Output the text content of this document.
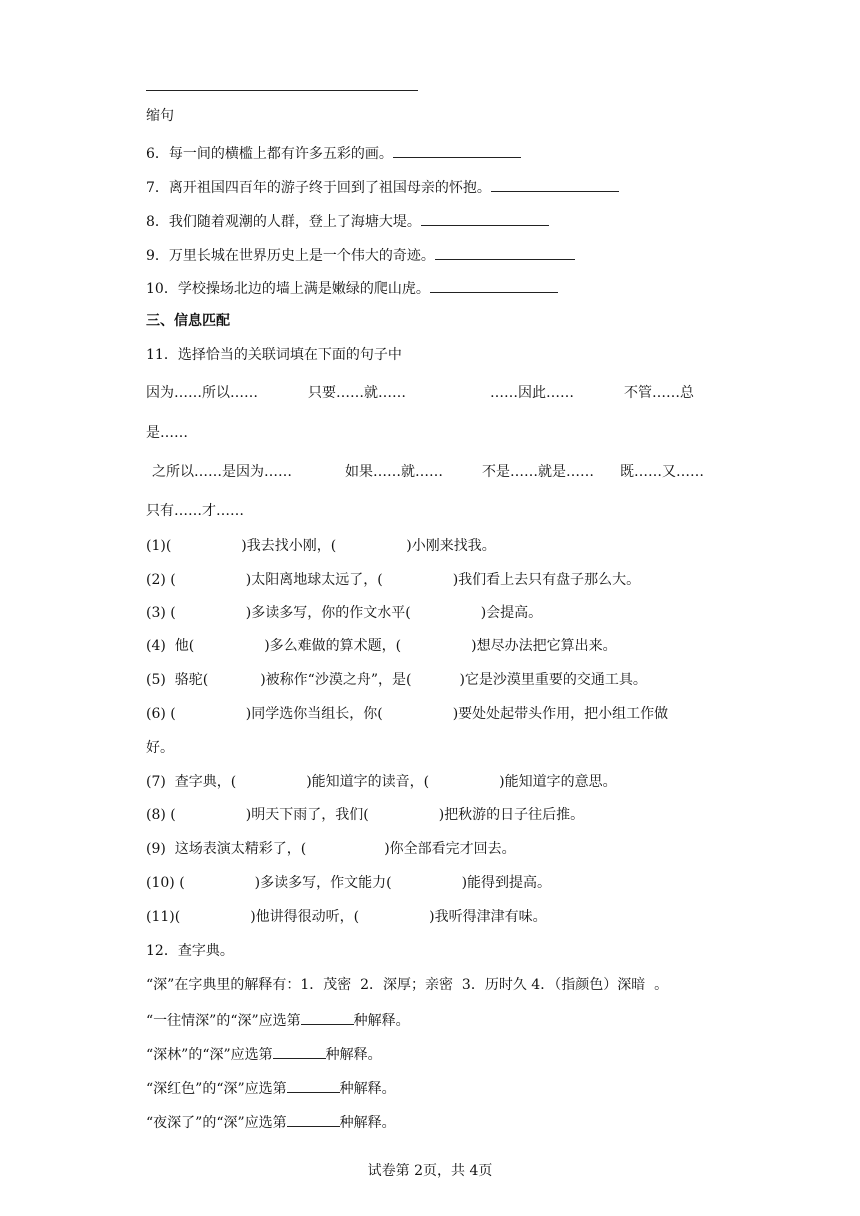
缩句
6．每一间的横槛上都有许多五彩的画。
7．离开祖国四百年的游子终于回到了祖国母亲的怀抱。
8．我们随着观潮的人群，登上了海塘大堤。
9．万里长城在世界历史上是一个伟大的奇迹。
10．学校操场北边的墙上满是嫩绿的爬山虎。
三、信息匹配
11．选择恰当的关联词填在下面的句子中
因为……所以……	只要……就……	……因此……	不管……总
是……
之所以……是因为……	如果……就……	不是……就是…… 既……又……
只有……才……
(1)(	)我去找小刚，(	)小刚来找我。
(2) (	)太阳离地球太远了，(	)我们看上去只有盘子那么大。
(3) (	)多读多写，你的作文水平(	)会提高。
(4)  他(	)多么难做的算术题，(	)想尽办法把它算出来。
(5)  骆驼(	)被称作“沙漠之舟”，是(	)它是沙漠里重要的交通工具。
(6) (	)同学选你当组长，你(	)要处处起带头作用，把小组工作做
好。
(7)  查字典，(	)能知道字的读音，(	)能知道字的意思。
(8) (	)明天下雨了，我们(	)把秋游的日子往后推。
(9)  这场表演太精彩了，(	)你全部看完才回去。
(10) (	)多读多写，作文能力(	)能得到提高。
(11)(	)他讲得很动听，(	)我听得津津有味。
12．查字典。
“深”在字典里的解释有：1．茂密  2．深厚；亲密  3．历时久 4．（指颜色）深暗  。
“一往情深”的“深”应选第	种解释。
“深林”的“深”应选第	种解释。
“深红色”的“深”应选第	种解释。
“夜深了”的“深”应选第	种解释。
试卷第 2页，共 4页
